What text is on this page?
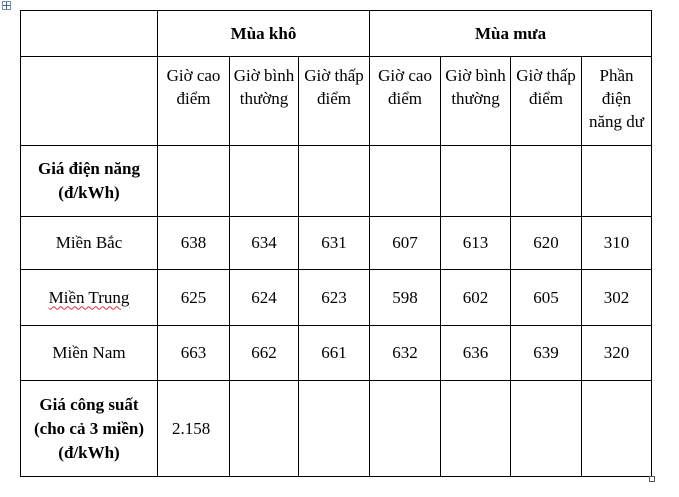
	Mùa khô			Mùa mưa			
	Giờ cao điểm	Giờ bình thường	Giờ thấp điểm	Giờ cao điểm	Giờ bình thường	Giờ thấp điểm	Phần điện năng dư
Giá điện năng (đ/kWh)							
Miền Bắc	638	634	631	607	613	620	310
Miền Trung	625	624	623	598	602	605	302
Miền Nam	663	662	661	632	636	639	320
Giá công suất (cho cả 3 miền) (đ/kWh)	2.158						
